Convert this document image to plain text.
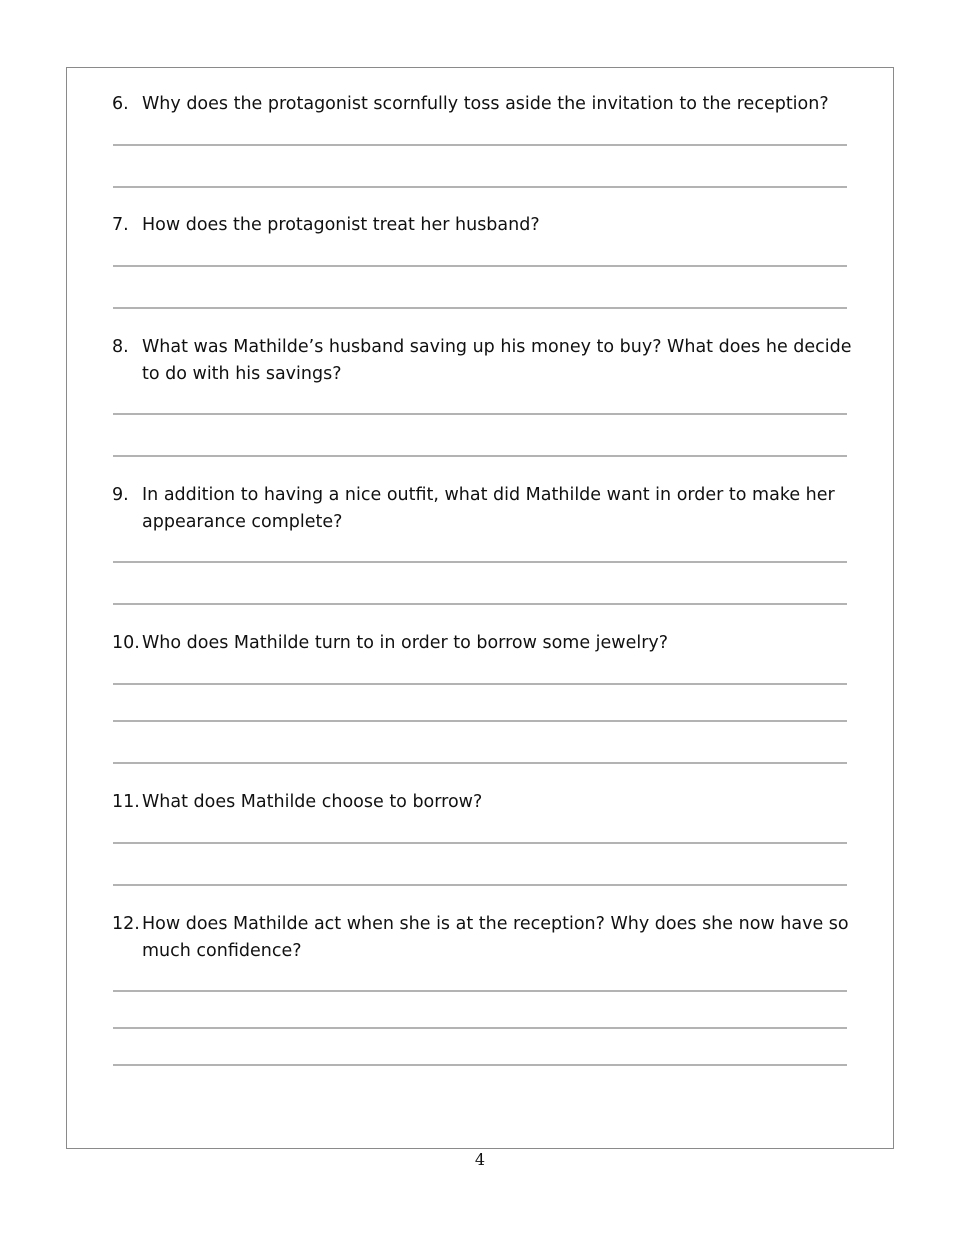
6. Why does the protagonist scornfully toss aside the invitation to the reception?
7. How does the protagonist treat her husband?
8. What was Mathilde’s husband saving up his money to buy? What does he decide to do with his savings?
9. In addition to having a nice outfit, what did Mathilde want in order to make her appearance complete?
10. Who does Mathilde turn to in order to borrow some jewelry?
11. What does Mathilde choose to borrow?
12. How does Mathilde act when she is at the reception? Why does she now have so much confidence?
4
